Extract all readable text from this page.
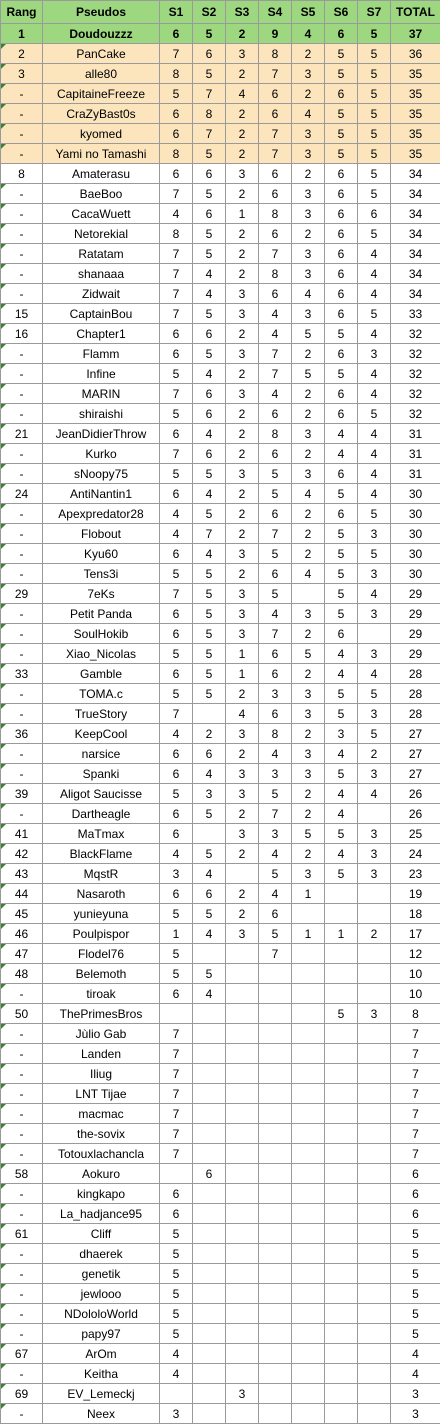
Rang	Pseudos	S1	S2	S3	S4	S5	S6	S7	TOTAL
1	Doudouzzz	6	5	2	9	4	6	5	37
2	PanCake	7	6	3	8	2	5	5	36
3	alle80	8	5	2	7	3	5	5	35
-	CapitaineFreeze	5	7	4	6	2	6	5	35
-	CraZyBast0s	6	8	2	6	4	5	5	35
-	kyomed	6	7	2	7	3	5	5	35
-	Yami no Tamashi	8	5	2	7	3	5	5	35
8	Amaterasu	6	6	3	6	2	6	5	34
-	BaeBoo	7	5	2	6	3	6	5	34
-	CacaWuett	4	6	1	8	3	6	6	34
-	Netorekial	8	5	2	6	2	6	5	34
-	Ratatam	7	5	2	7	3	6	4	34
-	shanaaa	7	4	2	8	3	6	4	34
-	Zidwait	7	4	3	6	4	6	4	34
15	CaptainBou	7	5	3	4	3	6	5	33
16	Chapter1	6	6	2	4	5	5	4	32
-	Flamm	6	5	3	7	2	6	3	32
-	Infine	5	4	2	7	5	5	4	32
-	MARIN	7	6	3	4	2	6	4	32
-	shiraishi	5	6	2	6	2	6	5	32
21	JeanDidierThrow	6	4	2	8	3	4	4	31
-	Kurko	7	6	2	6	2	4	4	31
-	sNoopy75	5	5	3	5	3	6	4	31
24	AntiNantin1	6	4	2	5	4	5	4	30
-	Apexpredator28	4	5	2	6	2	6	5	30
-	Flobout	4	7	2	7	2	5	3	30
-	Kyu60	6	4	3	5	2	5	5	30
-	Tens3i	5	5	2	6	4	5	3	30
29	7eKs	7	5	3	5		5	4	29
-	Petit Panda	6	5	3	4	3	5	3	29
-	SoulHokib	6	5	3	7	2	6		29
-	Xiao_Nicolas	5	5	1	6	5	4	3	29
33	Gamble	6	5	1	6	2	4	4	28
-	TOMA.c	5	5	2	3	3	5	5	28
-	TrueStory	7		4	6	3	5	3	28
36	KeepCool	4	2	3	8	2	3	5	27
-	narsice	6	6	2	4	3	4	2	27
-	Spanki	6	4	3	3	3	5	3	27
39	Aligot Saucisse	5	3	3	5	2	4	4	26
-	Dartheagle	6	5	2	7	2	4		26
41	MaTmax	6		3	3	5	5	3	25
42	BlackFlame	4	5	2	4	2	4	3	24
43	MqstR	3	4		5	3	5	3	23
44	Nasaroth	6	6	2	4	1			19
45	yunieyuna	5	5	2	6				18
46	Poulpispor	1	4	3	5	1	1	2	17
47	Flodel76	5			7				12
48	Belemoth	5	5						10
-	tiroak	6	4						10
50	ThePrimesBros						5	3	8
-	Jùlio Gab	7							7
-	Landen	7							7
-	Iliug	7							7
-	LNT Tijae	7							7
-	macmac	7							7
-	the-sovix	7							7
-	Totouxlachancla	7							7
58	Aokuro		6						6
-	kingkapo	6							6
-	La_hadjance95	6							6
61	Cliff	5							5
-	dhaerek	5							5
-	genetik	5							5
-	jewlooo	5							5
-	NDololoWorld	5							5
-	papy97	5							5
67	ArOm	4							4
-	Keitha	4							4
69	EV_Lemeckj			3					3
-	Neex	3							3
